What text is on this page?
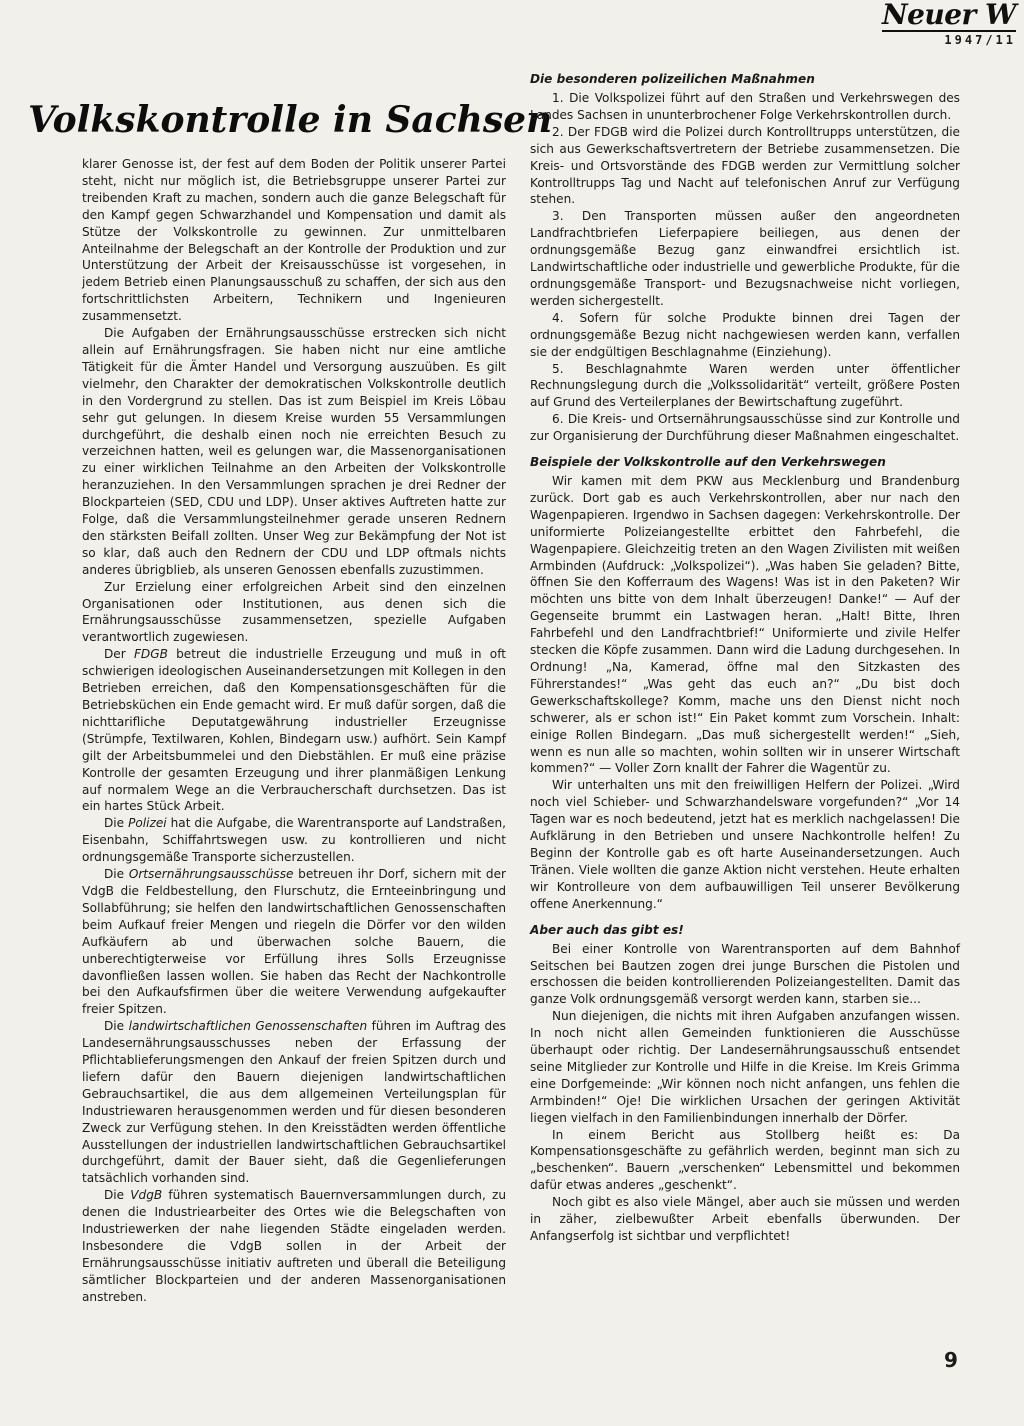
Neuer W
1947/11
Volkskontrolle in Sachsen

klarer Genosse ist, der fest auf dem Boden der Politik unserer Partei steht, nicht nur möglich ist, die Betriebsgruppe unserer Partei zur treibenden Kraft zu machen, sondern auch die ganze Belegschaft für den Kampf gegen Schwarzhandel und Kompensation und damit als Stütze der Volkskontrolle zu gewinnen. Zur unmittelbaren Anteilnahme der Belegschaft an der Kontrolle der Produktion und zur Unterstützung der Arbeit der Kreisausschüsse ist vorgesehen, in jedem Betrieb einen Planungsausschuß zu schaffen, der sich aus den fortschrittlichsten Arbeitern, Technikern und Ingenieuren zusammensetzt.

Die Aufgaben der Ernährungsausschüsse erstrecken sich nicht allein auf Ernährungsfragen. Sie haben nicht nur eine amtliche Tätigkeit für die Ämter Handel und Versorgung auszuüben. Es gilt vielmehr, den Charakter der demokratischen Volkskontrolle deutlich in den Vordergrund zu stellen. Das ist zum Beispiel im Kreis Löbau sehr gut gelungen. In diesem Kreise wurden 55 Versammlungen durchgeführt, die deshalb einen noch nie erreichten Besuch zu verzeichnen hatten, weil es gelungen war, die Massenorganisationen zu einer wirklichen Teilnahme an den Arbeiten der Volkskontrolle heranzuziehen. In den Versammlungen sprachen je drei Redner der Blockparteien (SED, CDU und LDP). Unser aktives Auftreten hatte zur Folge, daß die Versammlungsteilnehmer gerade unseren Rednern den stärksten Beifall zollten. Unser Weg zur Bekämpfung der Not ist so klar, daß auch den Rednern der CDU und LDP oftmals nichts anderes übrigblieb, als unseren Genossen ebenfalls zuzustimmen.

Zur Erzielung einer erfolgreichen Arbeit sind den einzelnen Organisationen oder Institutionen, aus denen sich die Ernährungsausschüsse zusammensetzen, spezielle Aufgaben verantwortlich zugewiesen.

Der FDGB betreut die industrielle Erzeugung und muß in oft schwierigen ideologischen Auseinandersetzungen mit Kollegen in den Betrieben erreichen, daß den Kompensationsgeschäften für die Betriebsküchen ein Ende gemacht wird. Er muß dafür sorgen, daß die nichttarifliche Deputatgewährung industrieller Erzeugnisse (Strümpfe, Textilwaren, Kohlen, Bindegarn usw.) aufhört. Sein Kampf gilt der Arbeitsbummelei und den Diebstählen. Er muß eine präzise Kontrolle der gesamten Erzeugung und ihrer planmäßigen Lenkung auf normalem Wege an die Verbraucherschaft durchsetzen. Das ist ein hartes Stück Arbeit.

Die Polizei hat die Aufgabe, die Warentransporte auf Landstraßen, Eisenbahn, Schiffahrtswegen usw. zu kontrollieren und nicht ordnungsgemäße Transporte sicherzustellen.

Die Ortsernährungsausschüsse betreuen ihr Dorf, sichern mit der VdgB die Feldbestellung, den Flurschutz, die Ernteeinbringung und Sollabführung; sie helfen den landwirtschaftlichen Genossenschaften beim Aufkauf freier Mengen und riegeln die Dörfer vor den wilden Aufkäufern ab und überwachen solche Bauern, die unberechtigterweise vor Erfüllung ihres Solls Erzeugnisse davonfließen lassen wollen. Sie haben das Recht der Nachkontrolle bei den Aufkaufsfirmen über die weitere Verwendung aufgekaufter freier Spitzen.

Die landwirtschaftlichen Genossenschaften führen im Auftrag des Landesernährungsausschusses neben der Erfassung der Pflichtablieferungsmengen den Ankauf der freien Spitzen durch und liefern dafür den Bauern diejenigen landwirtschaftlichen Gebrauchsartikel, die aus dem allgemeinen Verteilungsplan für Industriewaren herausgenommen werden und für diesen besonderen Zweck zur Verfügung stehen. In den Kreisstädten werden öffentliche Ausstellungen der industriellen landwirtschaftlichen Gebrauchsartikel durchgeführt, damit der Bauer sieht, daß die Gegenlieferungen tatsächlich vorhanden sind.

Die VdgB führen systematisch Bauernversammlungen durch, zu denen die Industriearbeiter des Ortes wie die Belegschaften von Industriewerken der nahe liegenden Städte eingeladen werden. Insbesondere die VdgB sollen in der Arbeit der Ernährungsausschüsse initiativ auftreten und überall die Beteiligung sämtlicher Blockparteien und der anderen Massenorganisationen anstreben.

Die besonderen polizeilichen Maßnahmen

1. Die Volkspolizei führt auf den Straßen und Verkehrswegen des Landes Sachsen in ununterbrochener Folge Verkehrskontrollen durch.

2. Der FDGB wird die Polizei durch Kontrolltrupps unterstützen, die sich aus Gewerkschaftsvertretern der Betriebe zusammensetzen. Die Kreis- und Ortsvorstände des FDGB werden zur Vermittlung solcher Kontrolltrupps Tag und Nacht auf telefonischen Anruf zur Verfügung stehen.

3. Den Transporten müssen außer den angeordneten Landfrachtbriefen Lieferpapiere beiliegen, aus denen der ordnungsgemäße Bezug ganz einwandfrei ersichtlich ist. Landwirtschaftliche oder industrielle und gewerbliche Produkte, für die ordnungsgemäße Transport- und Bezugsnachweise nicht vorliegen, werden sichergestellt.

4. Sofern für solche Produkte binnen drei Tagen der ordnungsgemäße Bezug nicht nachgewiesen werden kann, verfallen sie der endgültigen Beschlagnahme (Einziehung).

5. Beschlagnahmte Waren werden unter öffentlicher Rechnungslegung durch die „Volkssolidarität“ verteilt, größere Posten auf Grund des Verteilerplanes der Bewirtschaftung zugeführt.

6. Die Kreis- und Ortsernährungsausschüsse sind zur Kontrolle und zur Organisierung der Durchführung dieser Maßnahmen eingeschaltet.

Beispiele der Volkskontrolle auf den Verkehrswegen

Wir kamen mit dem PKW aus Mecklenburg und Brandenburg zurück. Dort gab es auch Verkehrskontrollen, aber nur nach den Wagenpapieren. Irgendwo in Sachsen dagegen: Verkehrskontrolle. Der uniformierte Polizeiangestellte erbittet den Fahrbefehl, die Wagenpapiere. Gleichzeitig treten an den Wagen Zivilisten mit weißen Armbinden (Aufdruck: „Volkspolizei“). „Was haben Sie geladen? Bitte, öffnen Sie den Kofferraum des Wagens! Was ist in den Paketen? Wir möchten uns bitte von dem Inhalt überzeugen! Danke!“ — Auf der Gegenseite brummt ein Lastwagen heran. „Halt! Bitte, Ihren Fahrbefehl und den Landfrachtbrief!“ Uniformierte und zivile Helfer stecken die Köpfe zusammen. Dann wird die Ladung durchgesehen. In Ordnung! „Na, Kamerad, öffne mal den Sitzkasten des Führerstandes!“ „Was geht das euch an?“ „Du bist doch Gewerkschaftskollege? Komm, mache uns den Dienst nicht noch schwerer, als er schon ist!“ Ein Paket kommt zum Vorschein. Inhalt: einige Rollen Bindegarn. „Das muß sichergestellt werden!“ „Sieh, wenn es nun alle so machten, wohin sollten wir in unserer Wirtschaft kommen?“ — Voller Zorn knallt der Fahrer die Wagentür zu.

Wir unterhalten uns mit den freiwilligen Helfern der Polizei. „Wird noch viel Schieber- und Schwarzhandelsware vorgefunden?“ „Vor 14 Tagen war es noch bedeutend, jetzt hat es merklich nachgelassen! Die Aufklärung in den Betrieben und unsere Nachkontrolle helfen! Zu Beginn der Kontrolle gab es oft harte Auseinandersetzungen. Auch Tränen. Viele wollten die ganze Aktion nicht verstehen. Heute erhalten wir Kontrolleure von dem aufbauwilligen Teil unserer Bevölkerung offene Anerkennung.“

Aber auch das gibt es!

Bei einer Kontrolle von Warentransporten auf dem Bahnhof Seitschen bei Bautzen zogen drei junge Burschen die Pistolen und erschossen die beiden kontrollierenden Polizeiangestellten. Damit das ganze Volk ordnungsgemäß versorgt werden kann, starben sie...

Nun diejenigen, die nichts mit ihren Aufgaben anzufangen wissen. In noch nicht allen Gemeinden funktionieren die Ausschüsse überhaupt oder richtig. Der Landesernährungsausschuß entsendet seine Mitglieder zur Kontrolle und Hilfe in die Kreise. Im Kreis Grimma eine Dorfgemeinde: „Wir können noch nicht anfangen, uns fehlen die Armbinden!“ Oje! Die wirklichen Ursachen der geringen Aktivität liegen vielfach in den Familienbindungen innerhalb der Dörfer.

In einem Bericht aus Stollberg heißt es: Da Kompensationsgeschäfte zu gefährlich werden, beginnt man sich zu „beschenken“. Bauern „verschenken“ Lebensmittel und bekommen dafür etwas anderes „geschenkt“.

Noch gibt es also viele Mängel, aber auch sie müssen und werden in zäher, zielbewußter Arbeit ebenfalls überwunden. Der Anfangserfolg ist sichtbar und verpflichtet!

9
